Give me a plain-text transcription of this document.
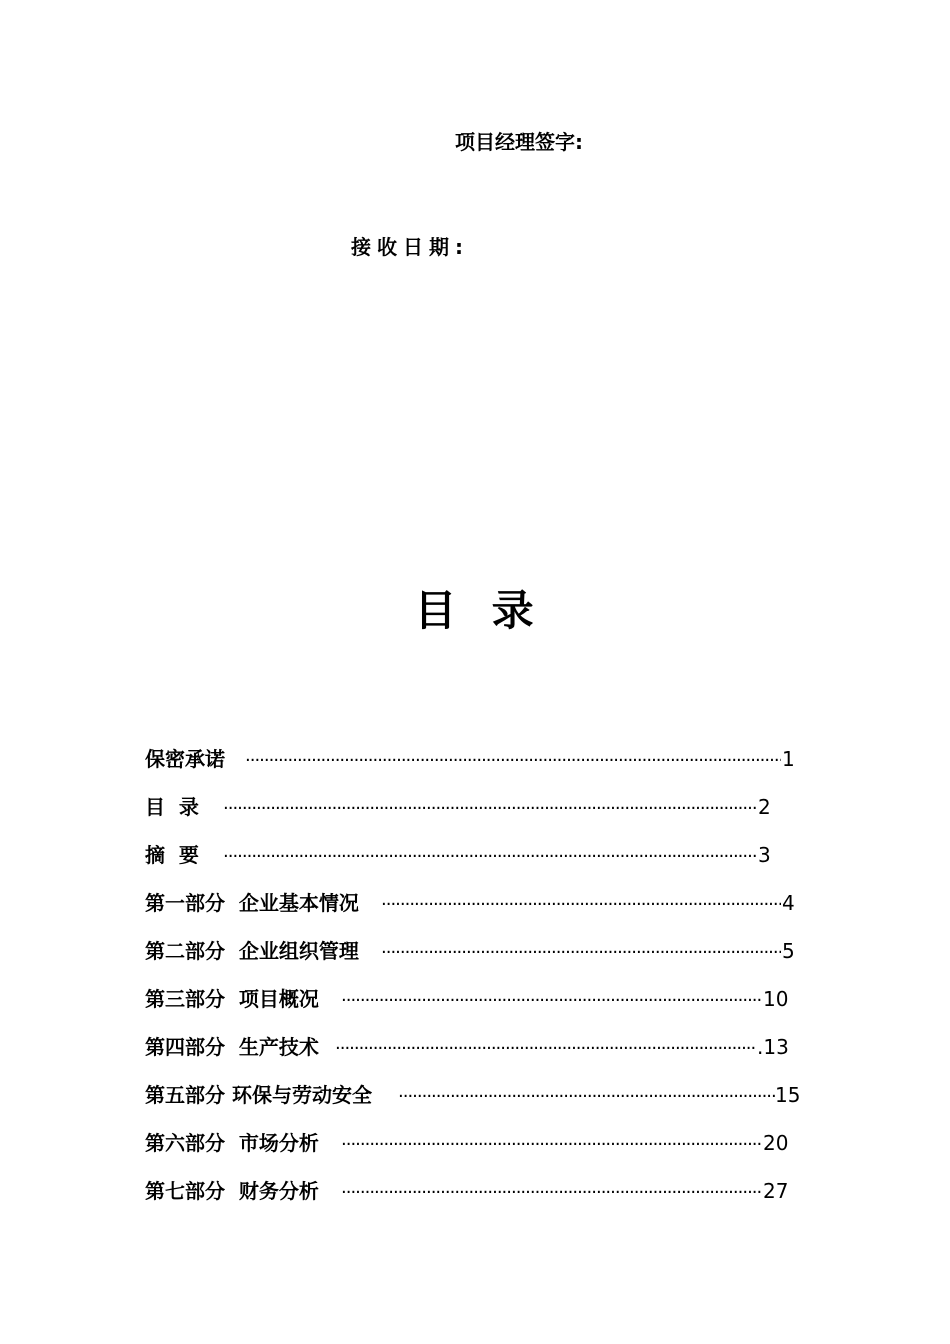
项目经理签字:
接收日期:
目  录
保密承诺 ·····	1
目  录 ·····	2
摘  要 ·····	3
第一部分  企业基本情况 ·····	4
第二部分  企业组织管理 ·····	5
第三部分  项目概况 ·····	10
第四部分  生产技术 ·····	.13
第五部分 环保与劳动安全 ·····	15
第六部分  市场分析 ·····	20
第七部分  财务分析 ·····	27
